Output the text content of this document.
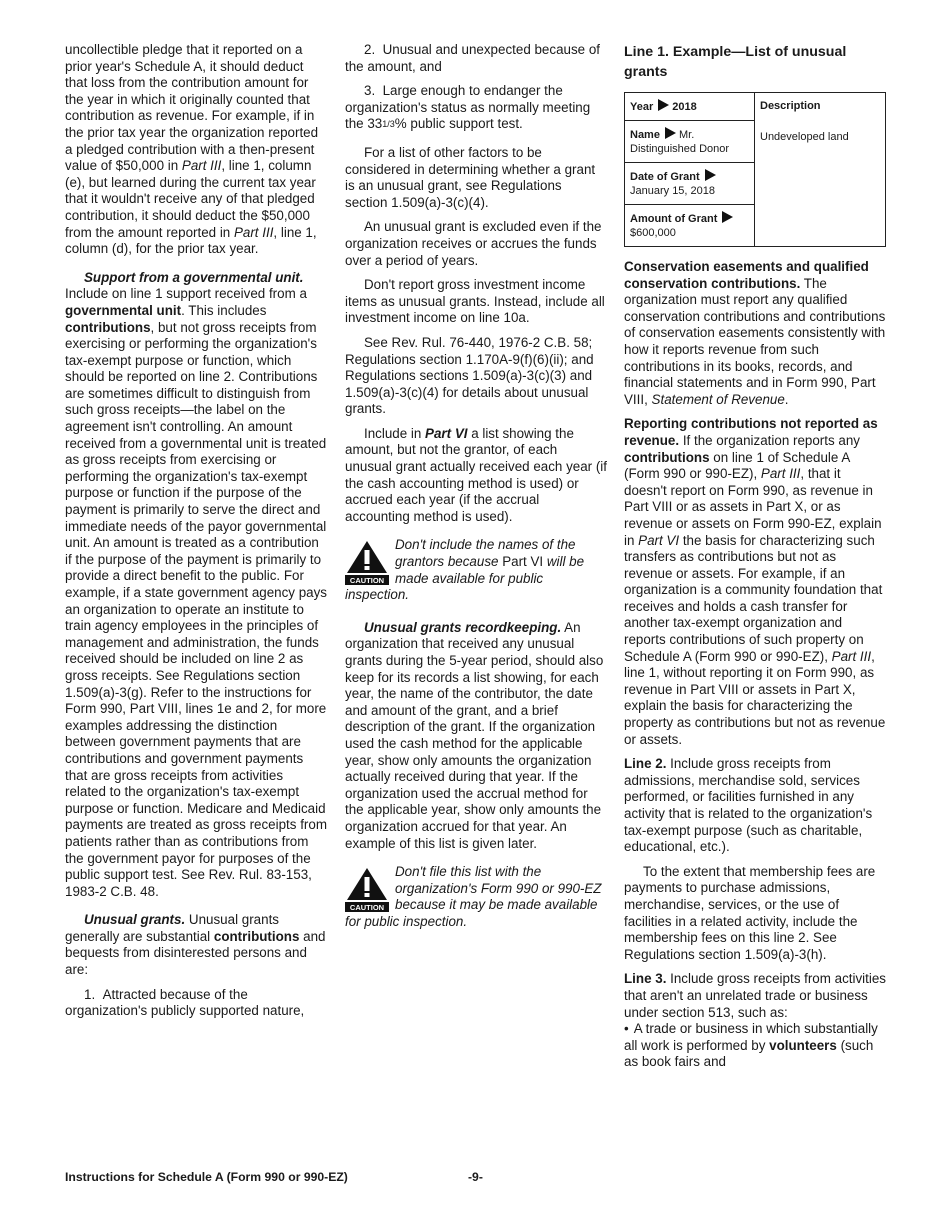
uncollectible pledge that it reported on a prior year's Schedule A, it should deduct that loss from the contribution amount for the year in which it originally counted that contribution as revenue. For example, if in the prior tax year the organization reported a pledged contribution with a then-present value of $50,000 in Part III, line 1, column (e), but learned during the current tax year that it wouldn't receive any of that pledged contribution, it should deduct the $50,000 from the amount reported in Part III, line 1, column (d), for the prior tax year.

Support from a governmental unit. Include on line 1 support received from a governmental unit. This includes contributions, but not gross receipts from exercising or performing the organization's tax-exempt purpose or function, which should be reported on line 2. Contributions are sometimes difficult to distinguish from such gross receipts—the label on the agreement isn't controlling. An amount received from a governmental unit is treated as gross receipts from exercising or performing the organization's tax-exempt purpose or function if the purpose of the payment is primarily to serve the direct and immediate needs of the payor governmental unit. An amount is treated as a contribution if the purpose of the payment is primarily to provide a direct benefit to the public. For example, if a state government agency pays an organization to operate an institute to train agency employees in the principles of management and administration, the funds received should be included on line 2 as gross receipts. See Regulations section 1.509(a)-3(g). Refer to the instructions for Form 990, Part VIII, lines 1e and 2, for more examples addressing the distinction between government payments that are contributions and government payments that are gross receipts from activities related to the organization's tax-exempt purpose or function. Medicare and Medicaid payments are treated as gross receipts from patients rather than as contributions from the government payor for purposes of the public support test. See Rev. Rul. 83-153, 1983-2 C.B. 48.

Unusual grants. Unusual grants generally are substantial contributions and bequests from disinterested persons and are:

1.  Attracted because of the organization's publicly supported nature,

2.  Unusual and unexpected because of the amount, and

3.  Large enough to endanger the organization's status as normally meeting the 331/3% public support test.

For a list of other factors to be considered in determining whether a grant is an unusual grant, see Regulations section 1.509(a)-3(c)(4).

An unusual grant is excluded even if the organization receives or accrues the funds over a period of years.

Don't report gross investment income items as unusual grants. Instead, include all investment income on line 10a.

See Rev. Rul. 76-440, 1976-2 C.B. 58; Regulations section 1.170A-9(f)(6)(ii); and Regulations sections 1.509(a)-3(c)(3) and 1.509(a)-3(c)(4) for details about unusual grants.

Include in Part VI a list showing the amount, but not the grantor, of each unusual grant actually received each year (if the cash accounting method is used) or accrued each year (if the accrual accounting method is used).

CAUTION

Don't include the names of the grantors because Part VI will be made available for public inspection.

Unusual grants recordkeeping. An organization that received any unusual grants during the 5-year period, should also keep for its records a list showing, for each year, the name of the contributor, the date and amount of the grant, and a brief description of the grant. If the organization used the cash method for the applicable year, show only amounts the organization actually received during that year. If the organization used the accrual method for the applicable year, show only amounts the organization accrued for that year. An example of this list is given later.

CAUTION

Don't file this list with the organization's Form 990 or 990-EZ because it may be made available for public inspection.

Line 1. Example—List of unusual grants

Year 2018	Description
Undeveloped land

Name Mr. Distinguished Donor
Date of Grant
January 15, 2018
Amount of Grant
$600,000

Conservation easements and qualified conservation contributions. The organization must report any qualified conservation contributions and contributions of conservation easements consistently with how it reports revenue from such contributions in its books, records, and financial statements and in Form 990, Part VIII, Statement of Revenue.

Reporting contributions not reported as revenue. If the organization reports any contributions on line 1 of Schedule A (Form 990 or 990-EZ), Part III, that it doesn't report on Form 990, as revenue in Part VIII or as assets in Part X, or as revenue or assets on Form 990-EZ, explain in Part VI the basis for characterizing such transfers as contributions but not as revenue or assets. For example, if an organization is a community foundation that receives and holds a cash transfer for another tax-exempt organization and reports contributions of such property on Schedule A (Form 990 or 990-EZ), Part III, line 1, without reporting it on Form 990, as revenue in Part VIII or assets in Part X, explain the basis for characterizing the property as contributions but not as revenue or assets.

Line 2. Include gross receipts from admissions, merchandise sold, services performed, or facilities furnished in any activity that is related to the organization's tax-exempt purpose (such as charitable, educational, etc.).

To the extent that membership fees are payments to purchase admissions, merchandise, services, or the use of facilities in a related activity, include the membership fees on this line 2. See Regulations section 1.509(a)-3(h).

Line 3. Include gross receipts from activities that aren't an unrelated trade or business under section 513, such as:

• A trade or business in which substantially all work is performed by volunteers (such as book fairs and

Instructions for Schedule A (Form 990 or 990-EZ)	-9-
